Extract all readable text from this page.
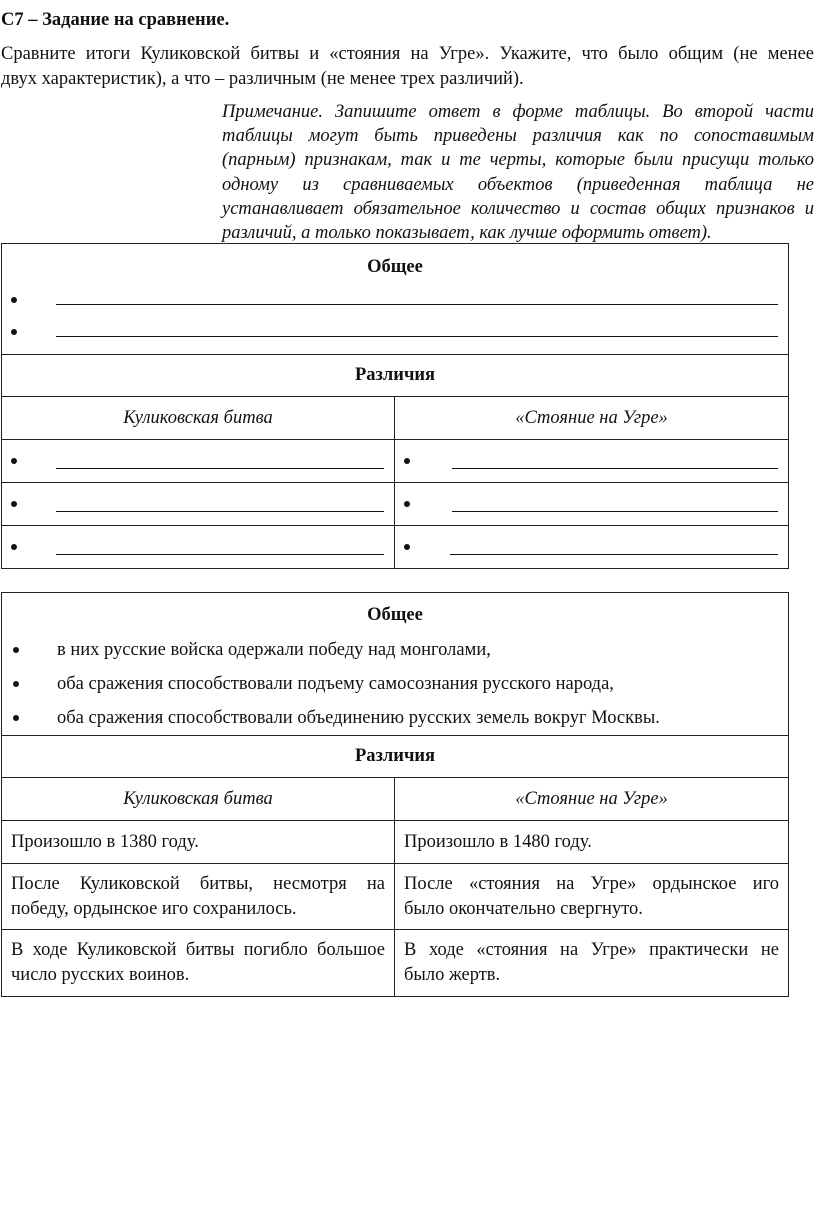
С7 – Задание на сравнение.
Сравните итоги Куликовской битвы и «стояния на Угре». Укажите, что было общим (не менее
двух характеристик), а что – различным (не менее трех различий).
Примечание. Запишите ответ в форме таблицы. Во второй части
таблицы могут быть приведены различия как по сопоставимым
(парным) признакам, так и те черты, которые были присущи только
одному из сравниваемых объектов (приведенная таблица не
устанавливает обязательное количество и состав общих признаков и
различий, а только показывает, как лучше оформить ответ).
Общее	

Различия	
Куликовская битва	«Стояние на Угре»

Общее
в них русские войска одержали победу над монголами,
оба сражения способствовали подъему самосознания русского народа,
оба сражения способствовали объединению русских земель вокруг Москвы.	

Различия	
Куликовская битва	«Стояние на Угре»
Произошло в 1380 году.	Произошло в 1480 году.

После Куликовской битвы, несмотря на
победу, ордынское иго сохранилось.	После «стояния на Угре» ордынское иго
было окончательно свергнуто.

В ходе Куликовской битвы погибло большое
число русских воинов.	В ходе «стояния на Угре» практически не
было жертв.
